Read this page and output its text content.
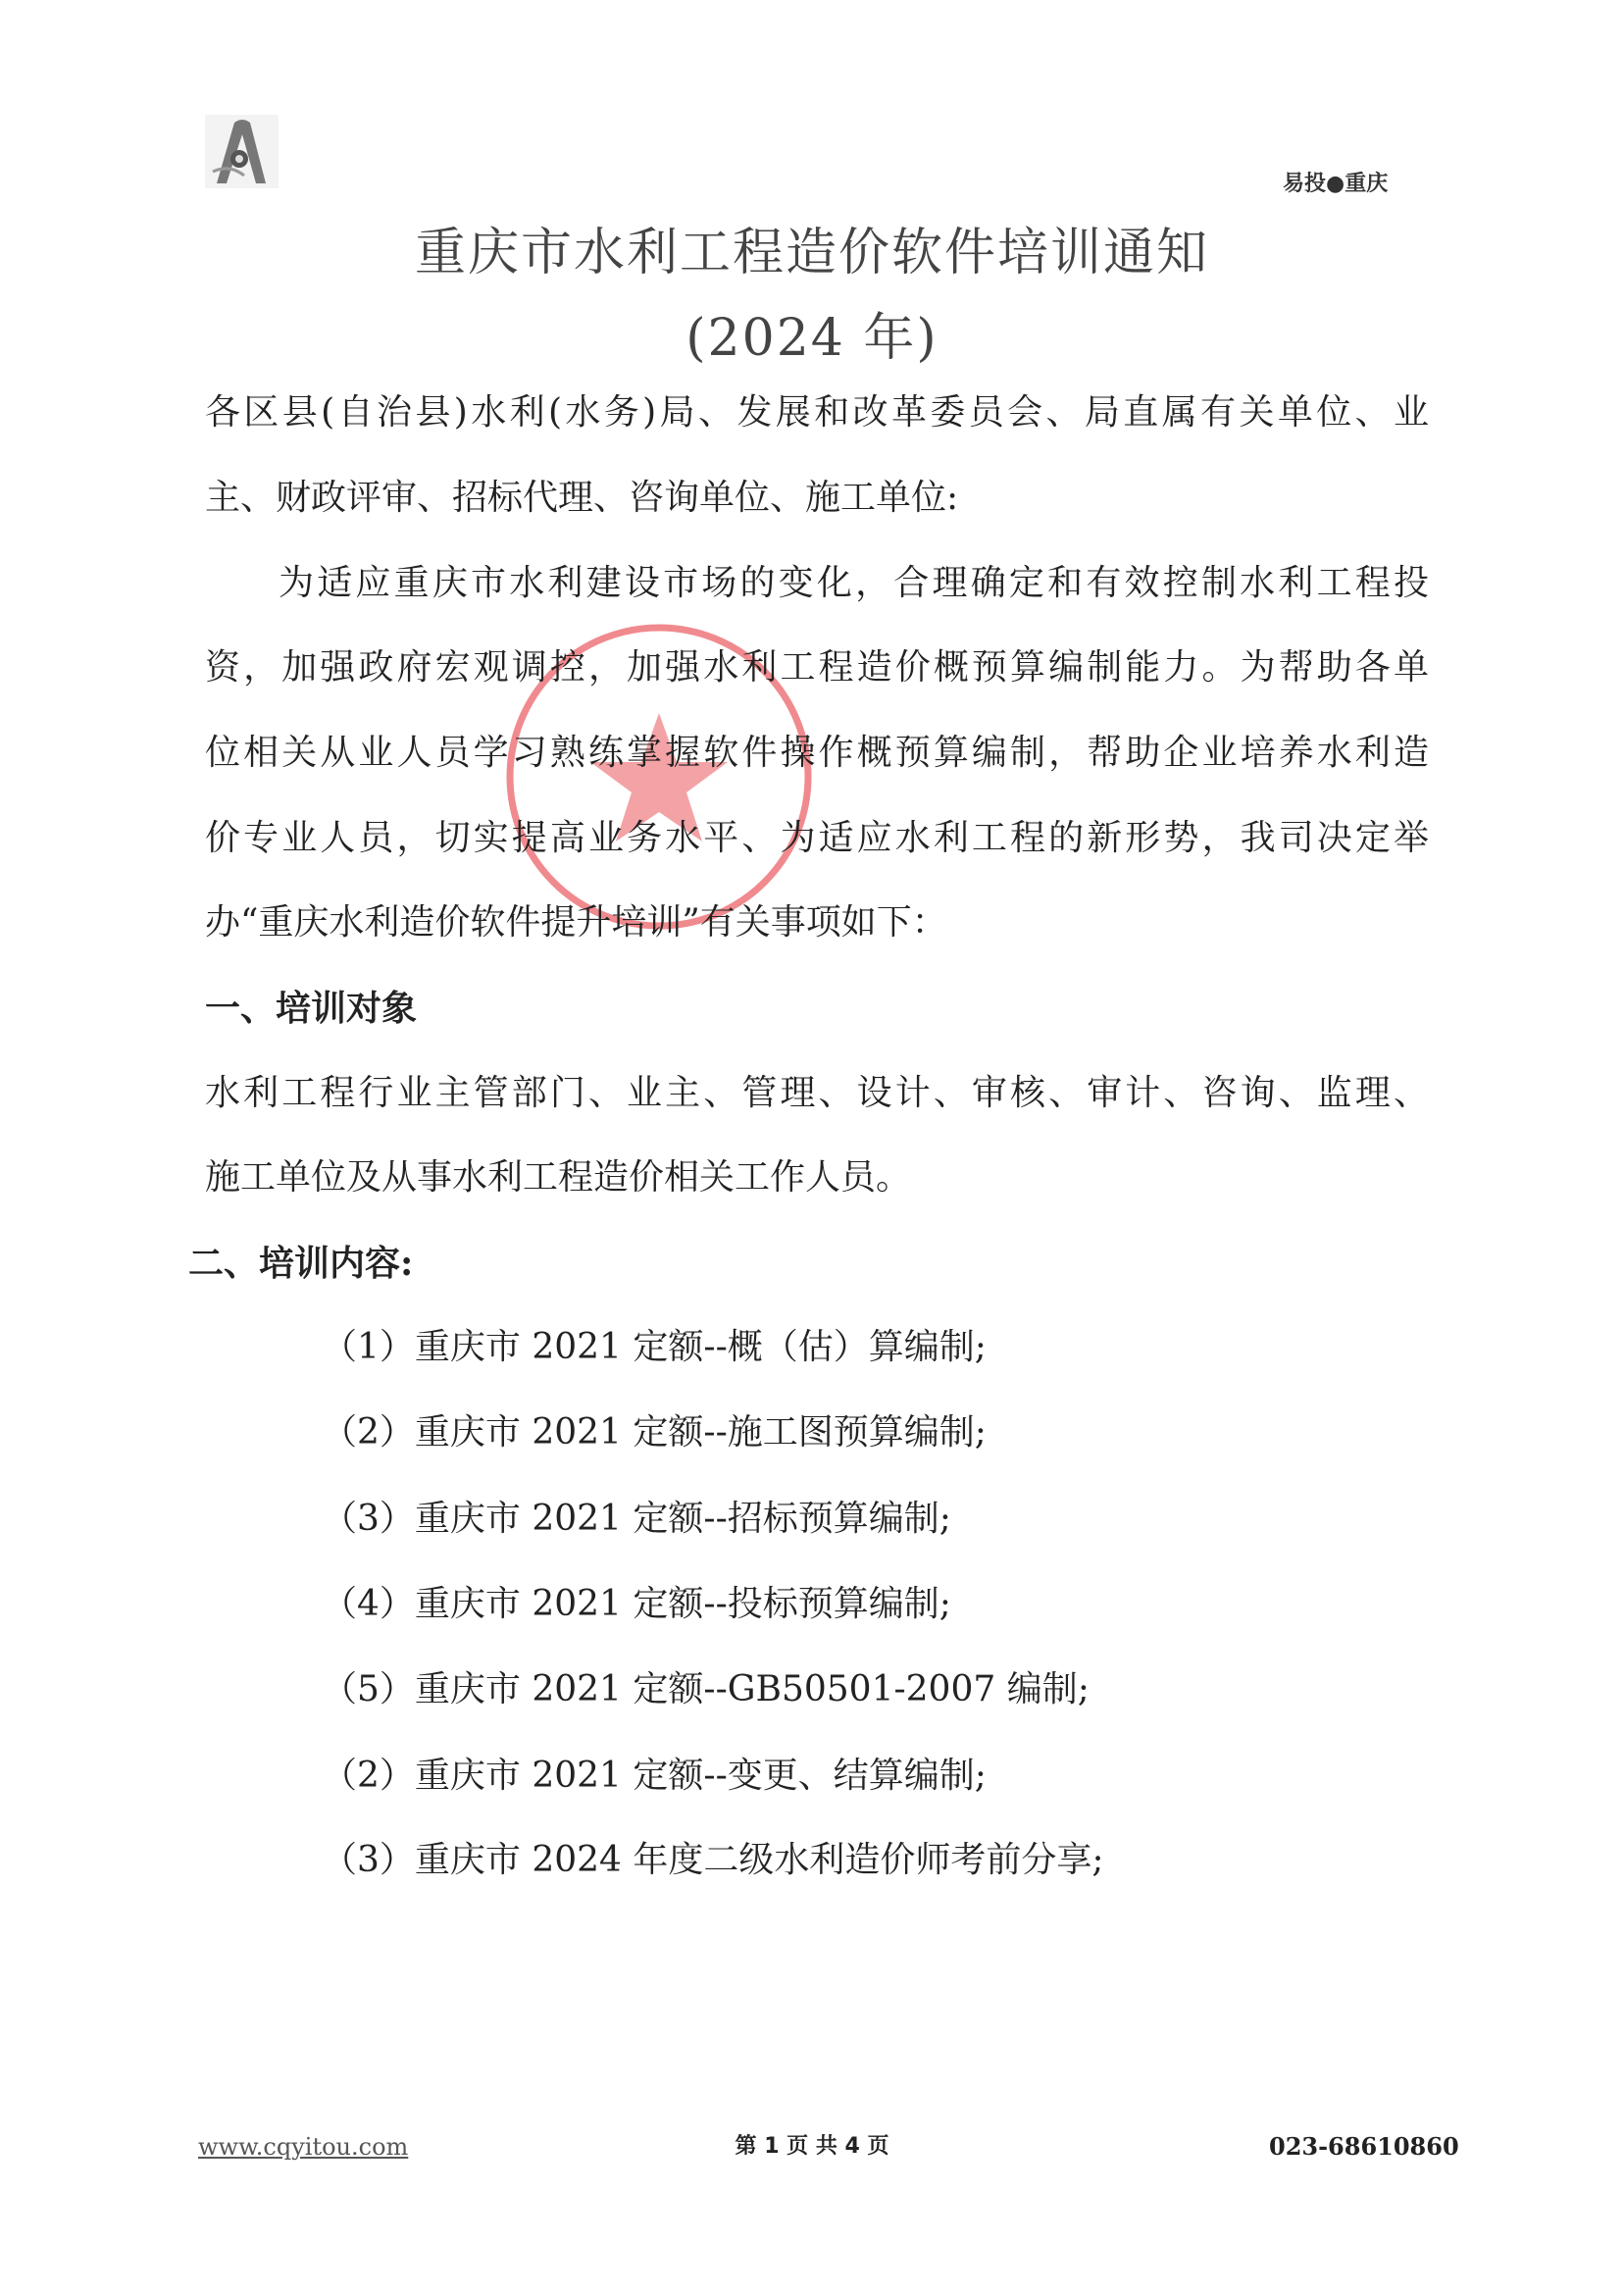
易投●重庆
重庆市水利工程造价软件培训通知
(2024 年)
各区县(自治县)水利(水务)局、发展和改革委员会、局直属有关单位、业
主、财政评审、招标代理、咨询单位、施工单位:
为适应重庆市水利建设市场的变化，合理确定和有效控制水利工程投
资，加强政府宏观调控，加强水利工程造价概预算编制能力。为帮助各单
位相关从业人员学习熟练掌握软件操作概预算编制，帮助企业培养水利造
价专业人员，切实提高业务水平、为适应水利工程的新形势，我司决定举
办“重庆水利造价软件提升培训”有关事项如下：
一、培训对象
水利工程行业主管部门、业主、管理、设计、审核、审计、咨询、监理、
施工单位及从事水利工程造价相关工作人员。
二、培训内容:
（1）重庆市 2021 定额--概（估）算编制;
（2）重庆市 2021 定额--施工图预算编制;
（3）重庆市 2021 定额--招标预算编制;
（4）重庆市 2021 定额--投标预算编制;
（5）重庆市 2021 定额--GB50501-2007 编制;
（2）重庆市 2021 定额--变更、结算编制;
（3）重庆市 2024 年度二级水利造价师考前分享;
www.cqyitou.com	第 1 页 共 4 页	023-68610860
